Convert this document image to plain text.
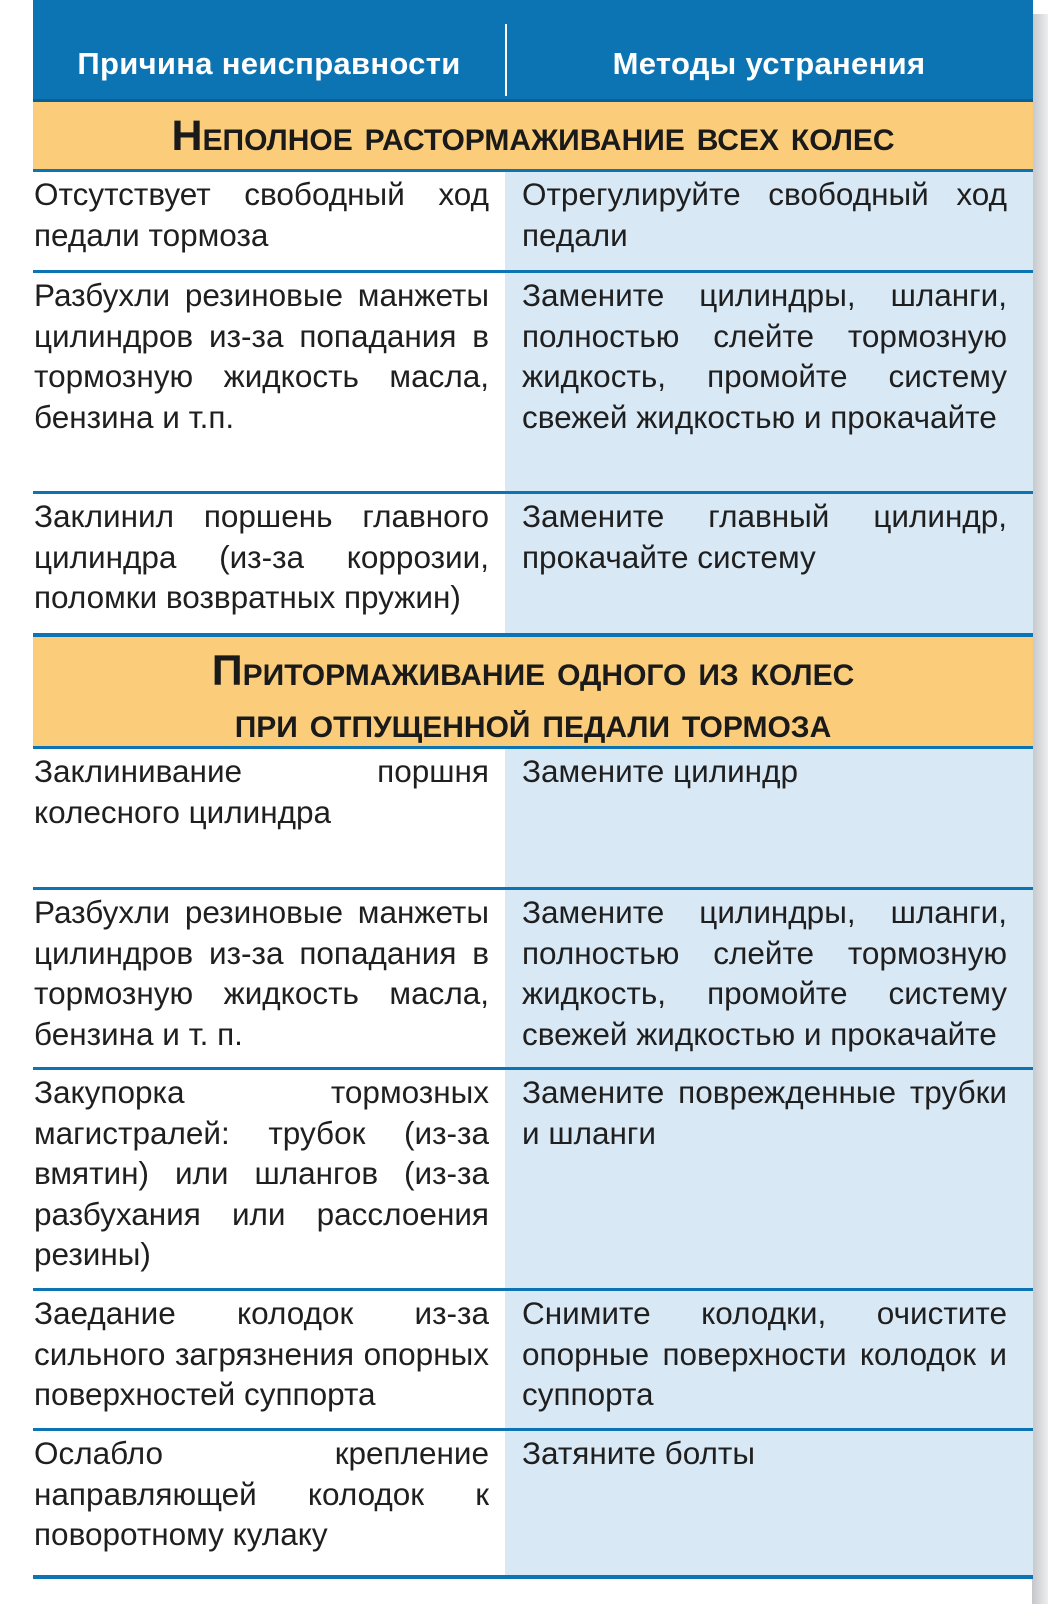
Причина неисправности	Методы устранения
Неполное растормаживание всех колес
Отсутствует свободный ход педали тормоза
Отрегулируйте свободный ход педали
Разбухли резиновые манжеты цилиндров из-за попадания в тормозную жидкость масла, бензина и т.п.
Замените цилиндры, шланги, полностью слейте тормозную жидкость, промойте систему свежей жидкостью и прокачайте
Заклинил поршень главного цилиндра (из-за коррозии, поломки возвратных пружин)
Замените главный цилиндр, прокачайте систему
Притормаживание одного из колес
при отпущенной педали тормоза
Заклинивание поршня колесного цилиндра
Замените цилиндр
Разбухли резиновые манжеты цилиндров из-за попадания в тормозную жидкость масла, бензина и т. п.
Замените цилиндры, шланги, полностью слейте тормозную жидкость, промойте систему свежей жидкостью и прокачайте
Закупорка тормозных магистралей: трубок (из-за вмятин) или шлангов (из-за разбухания или расслоения резины)
Замените поврежденные трубки и шланги
Заедание колодок из-за сильного загрязнения опорных поверхностей суппорта
Снимите колодки, очистите опорные поверхности колодок и суппорта
Ослабло крепление направляющей колодок к поворотному кулаку
Затяните болты
